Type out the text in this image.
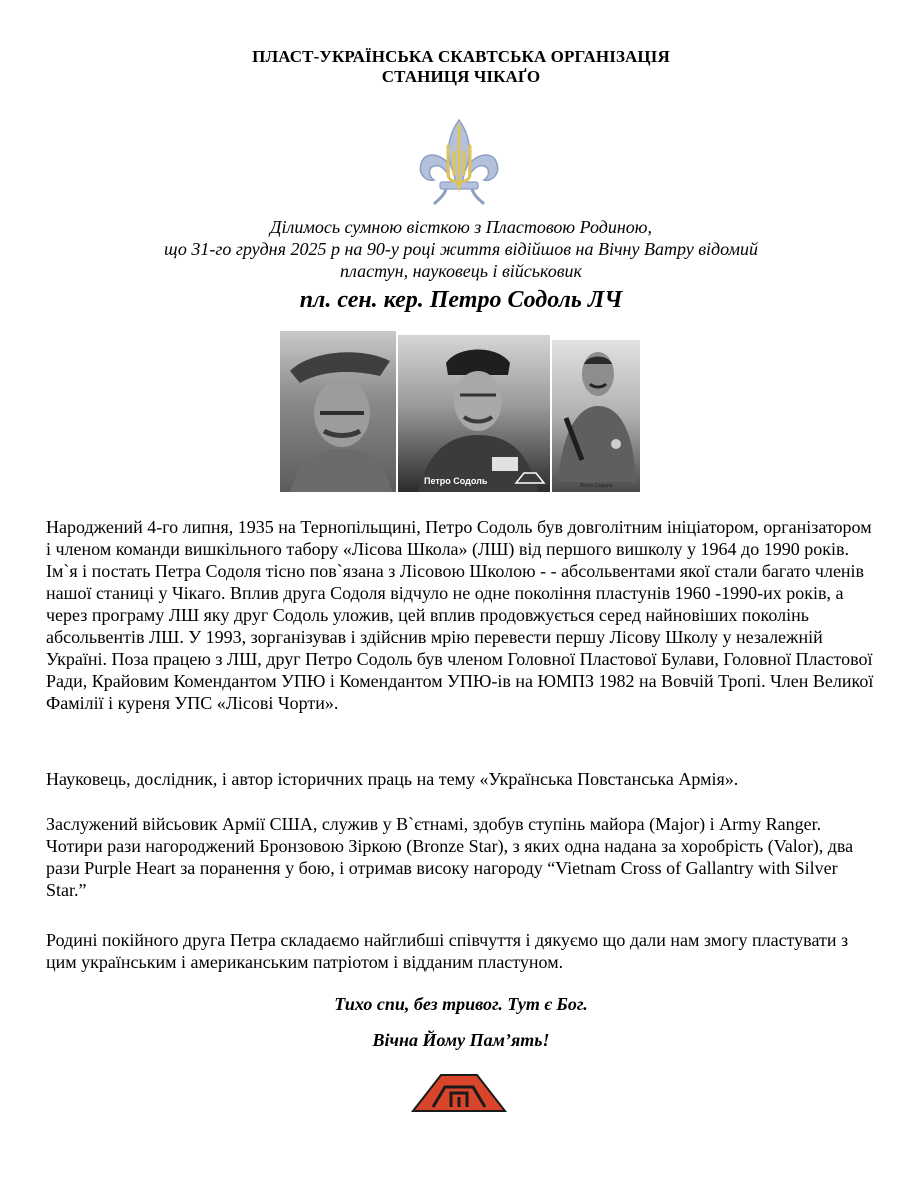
ПЛАСТ-УКРАЇНСЬКА СКАВТСЬКА ОРГАНІЗАЦІЯ
СТАНИЦЯ ЧІКАҐО
Ділимось сумною вісткою з Пластовою Родиною,
що 31-го грудня 2025 р на 90-у році життя відійшов на Вічну Ватру відомий
пластун, науковець і військовик
пл. сен. кер. Петро Содоль ЛЧ
Петро Содоль	Петро Содоль
Народжений 4-го липня, 1935 на Тернопільщині, Петро Содоль був довголітним ініціатором, організатором і членом команди вишкільного табору «Лісова Школа» (ЛШ) від першого вишколу у 1964 до 1990 років. Ім`я і постать Петра Содоля тісно пов`язана з Лісовою Школою - - абсольвентами якої стали багато членів нашої станиці у Чікаго. Вплив друга Содоля відчуло не одне покоління пластунів 1960 -1990-их років, а через програму ЛШ яку друг Содоль уложив, цей вплив продовжується серед найновіших поколінь абсольвентів ЛШ. У 1993, зорганізував і здійснив мрію перевести першу Лісову Школу у незалежній Україні. Поза працею з ЛШ, друг Петро Содоль був членом Головної Пластової Булави, Головної Пластової Ради, Крайовим Комендантом УПЮ і Комендантом УПЮ-ів на ЮМПЗ 1982 на Вовчій Тропі. Член Великої Фамілії і куреня УПС «Лісові Чорти».
Науковець, дослідник, і автор історичних праць на тему «Українська Повстанська Армія».
Заслужений війсьовик Армії США, служив у В`єтнамі, здобув ступінь майора (Major) і Army Ranger. Чотири рази нагороджений Бронзовою Зіркою (Bronze Star), з яких одна надана за хоробрість (Valor), два рази Purple Heart за поранення у бою, і отримав високу нагороду “Vietnam Cross of Gallantry with Silver Star.”
Родині покійного друга Петра складаємо найглибші співчуття і дякуємо що дали нам змогу пластувати з цим українським і американським патріотом і відданим пластуном.
Тихо спи, без тривог. Тут є Бог.
Вічна Йому Пам’ять!
